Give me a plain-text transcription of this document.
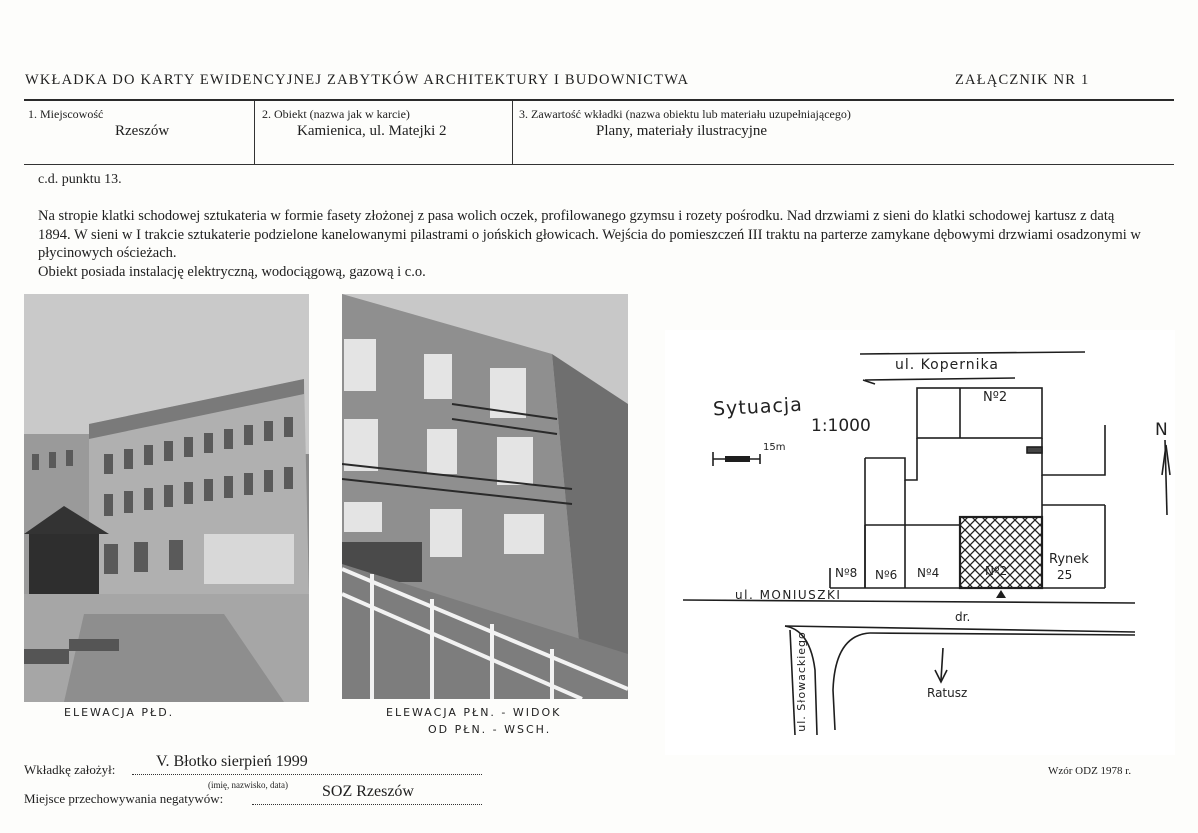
WKŁADKA DO KARTY EWIDENCYJNEJ ZABYTKÓW ARCHITEKTURY I BUDOWNICTWA	ZAŁĄCZNIK NR 1
1. Miejscowość
Rzeszów
2. Obiekt (nazwa jak w karcie)
Kamienica, ul. Matejki 2
3. Zawartość wkładki (nazwa obiektu lub materiału uzupełniającego)
Plany, materiały ilustracyjne
c.d. punktu 13.
Na stropie klatki schodowej sztukateria w formie fasety złożonej z pasa wolich oczek, profilowanego gzymsu i rozety pośrodku. Nad drzwiami z sieni do klatki schodowej kartusz z datą 1894. W sieni w I trakcie sztukaterie podzielone kanelowanymi pilastrami o jońskich głowicach. Wejścia do pomieszczeń III traktu na parterze zamykane dębowymi drzwiami osadzonymi w płycinowych ościeżach.
Obiekt posiada instalację elektryczną, wodociągową, gazową i c.o.
ELEWACJA PŁD.	ELEWACJA PŁN. - WIDOK
OD PŁN. - WSCH.
Sytuacja
1:1000
15m
ul. Kopernika
Nº2
N
Nº8 Nº6 Nº4	Nº2
Rynek
25
ul. MONIUSZKI
dr.
ul. Słowackiego	Ratusz
Wkładkę założył:	V. Błotko sierpień 1999
(imię, nazwisko, data)
Miejsce przechowywania negatywów:	SOZ Rzeszów
Wzór ODZ 1978 r.
